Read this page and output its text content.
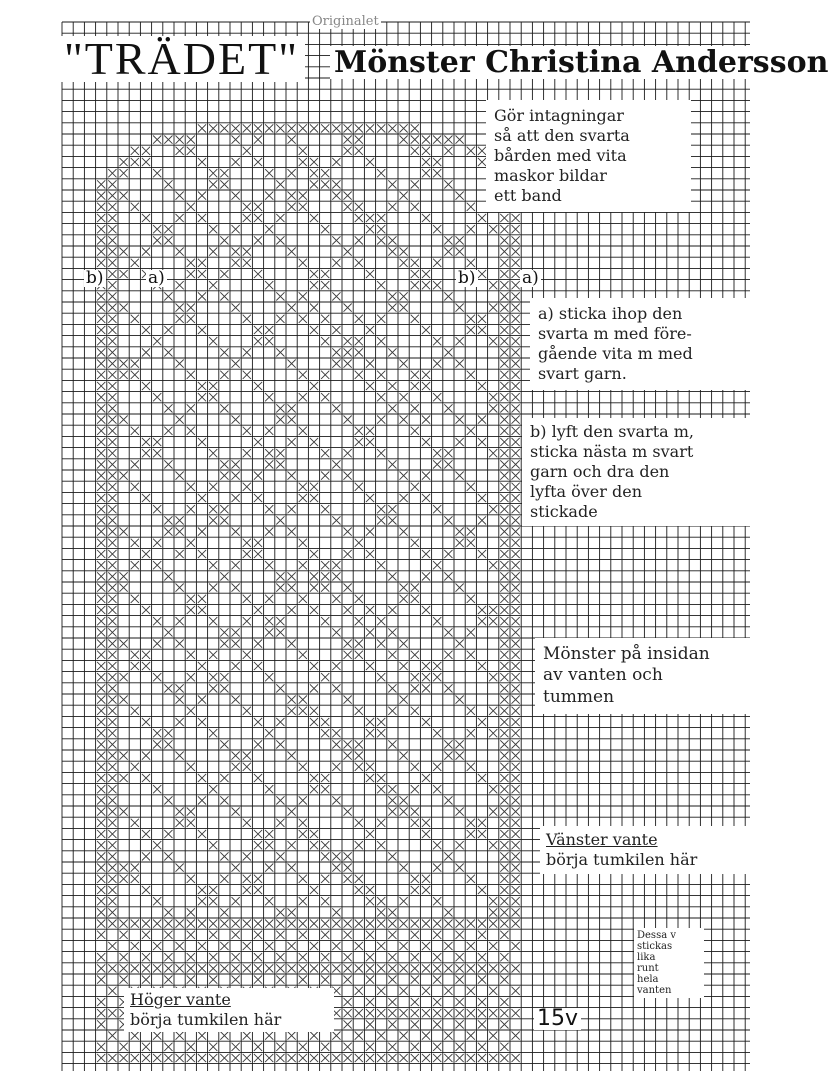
Originalet
"TRÄDET" Mönster Christina Andersson
b)	a)	b)	a)

Gör intagningar

så att den svarta

bården med vita

maskor bildar

ett band

a) sticka ihop den

svarta m med före-

gående vita m med

svart garn.

b) lyft den svarta m,

sticka nästa m svart

garn och dra den

lyfta över den

stickade

Mönster på insidan

av vanten och

tummen

Vänster vante

börja tumkilen här

Höger vante

börja tumkilen här

Dessa v

stickas

lika

runt

hela

vanten

15v
